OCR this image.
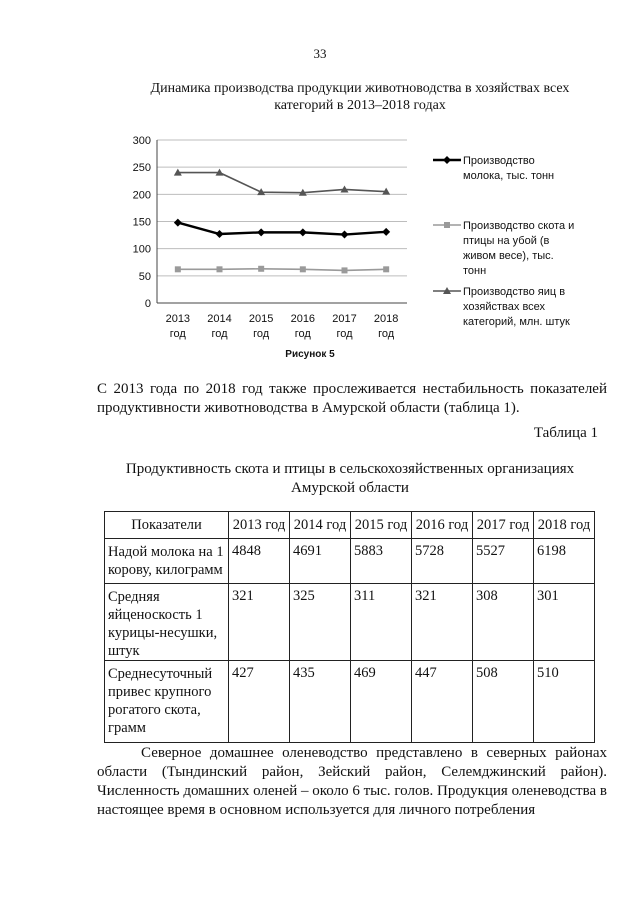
33
Динамика производства продукции животноводства в хозяйствах всех
категорий в 2013–2018 годах
0
50
100
150
200
250
300
2013
год
2014
год
2015
год
2016
год
2017
год
2018
год
Производство
молока, тыс. тонн
Производство скота и
птицы на убой (в
живом весе), тыс.
тонн
Производство яиц в
хозяйствах всех
категорий, млн. штук
Рисунок 5
С 2013 года по 2018 год также прослеживается нестабильность показателей продуктивности животноводства в Амурской области (таблица 1).
Таблица 1
Продуктивность скота и птицы в сельскохозяйственных организациях
Амурской области
Показатели	2013 год	2014 год	2015 год	2016 год	2017 год	2018 год
Надой молока на 1 корову, килограмм	4848	4691	5883	5728	5527	6198
Средняя яйценоскость 1 курицы-несушки, штук	321	325	311	321	308	301
Среднесуточный привес крупного рогатого скота, грамм	427	435	469	447	508	510
Северное домашнее оленеводство представлено в северных районах области (Тындинский район, Зейский район, Селемджинский район). Численность домашних оленей – около 6 тыс. голов. Продукция оленеводства в настоящее время в основном используется для личного потребления
